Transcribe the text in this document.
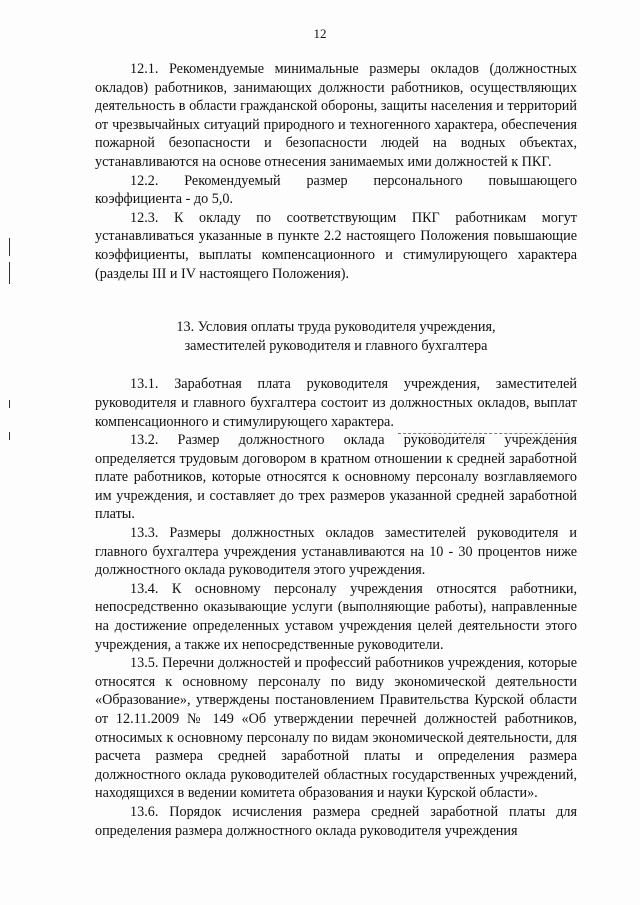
12

12.1. Рекомендуемые минимальные размеры окладов (должностных окладов) работников, занимающих должности работников, осуществляющих деятельность в области гражданской обороны, защиты населения и территорий от чрезвычайных ситуаций природного и техногенного характера, обеспечения пожарной безопасности и безопасности людей на водных объектах, устанавливаются на основе отнесения занимаемых ими должностей к ПКГ.

12.2. Рекомендуемый размер персонального повышающего коэффициента - до 5,0.

12.3. К окладу по соответствующим ПКГ работникам могут устанавливаться указанные в пункте 2.2 настоящего Положения повышающие коэффициенты, выплаты компенсационного и стимулирующего характера (разделы III и IV настоящего Положения).

13. Условия оплаты труда руководителя учреждения,
заместителей руководителя и главного бухгалтера

13.1. Заработная плата руководителя учреждения, заместителей руководителя и главного бухгалтера состоит из должностных окладов, выплат компенсационного и стимулирующего характера.

13.2. Размер должностного оклада руководителя учреждения определяется трудовым договором в кратном отношении к средней заработной плате работников, которые относятся к основному персоналу возглавляемого им учреждения, и составляет до трех размеров указанной средней заработной платы.

13.3. Размеры должностных окладов заместителей руководителя и главного бухгалтера учреждения устанавливаются на 10 - 30 процентов ниже должностного оклада руководителя этого учреждения.

13.4. К основному персоналу учреждения относятся работники, непосредственно оказывающие услуги (выполняющие работы), направленные на достижение определенных уставом учреждения целей деятельности этого учреждения, а также их непосредственные руководители.

13.5. Перечни должностей и профессий работников учреждения, которые относятся к основному персоналу по виду экономической деятельности «Образование», утверждены постановлением Правительства Курской области от 12.11.2009 № 149 «Об утверждении перечней должностей работников, относимых к основному персоналу по видам экономической деятельности, для расчета размера средней заработной платы и определения размера должностного оклада руководителей областных государственных учреждений, находящихся в ведении комитета образования и науки Курской области».

13.6. Порядок исчисления размера средней заработной платы для определения размера должностного оклада руководителя учреждения
